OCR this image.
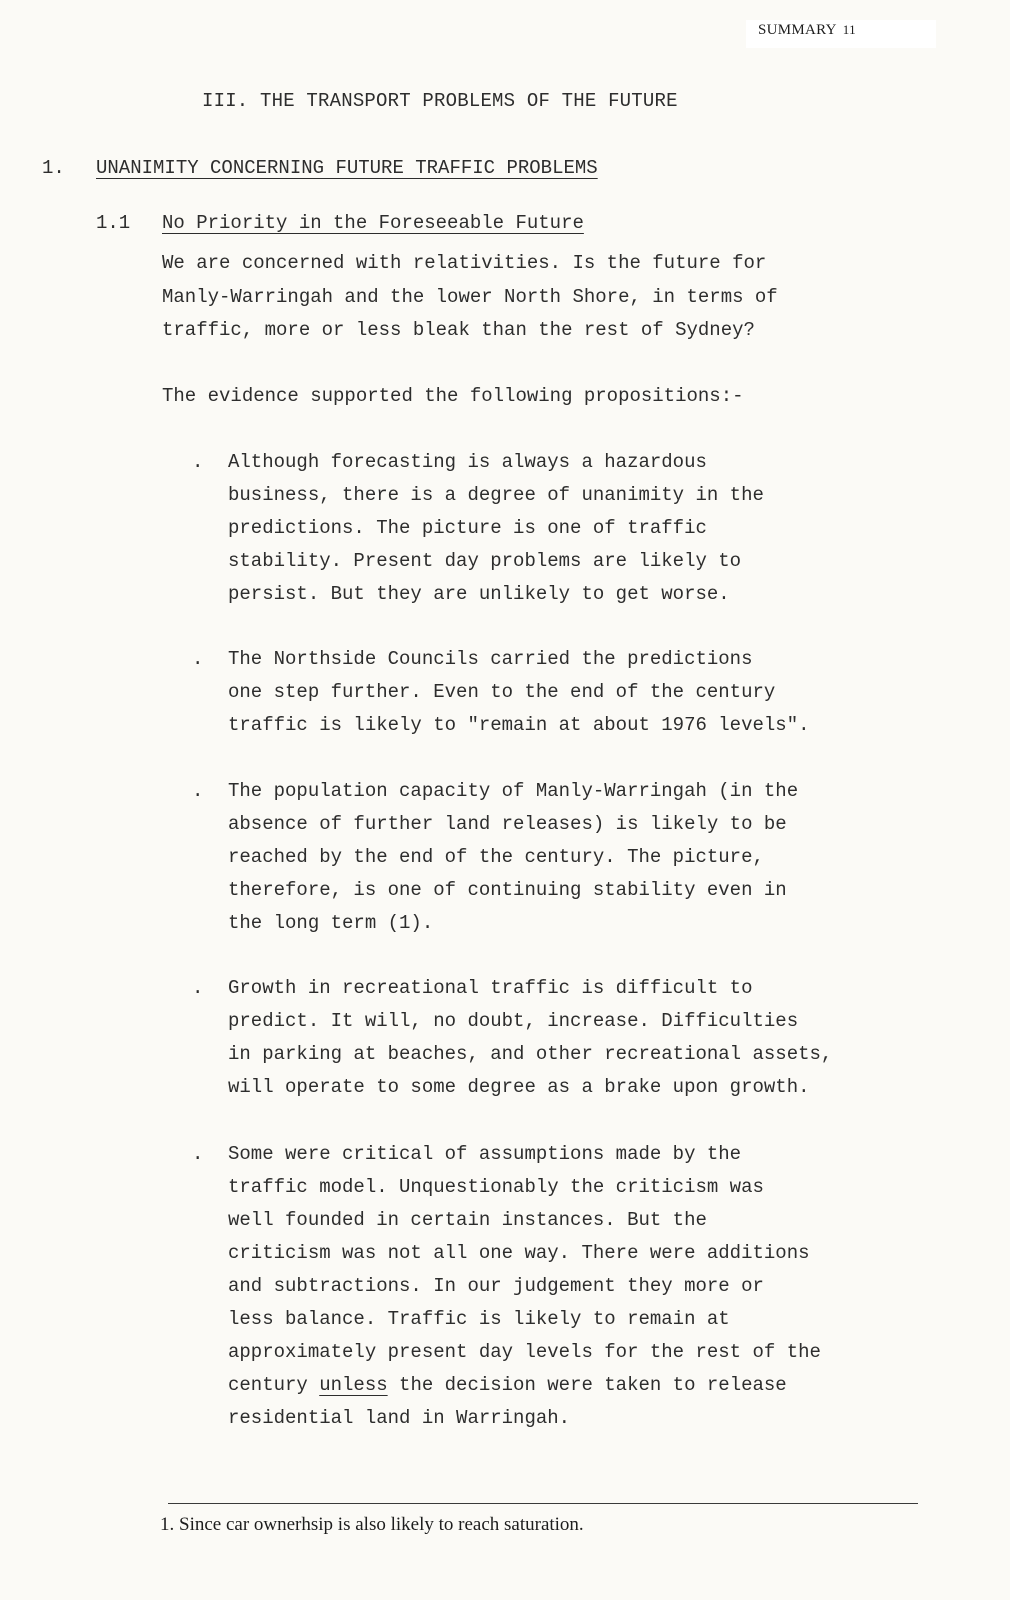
SUMMARY 11
III. THE TRANSPORT PROBLEMS OF THE FUTURE
1. UNANIMITY CONCERNING FUTURE TRAFFIC PROBLEMS
1.1 No Priority in the Foreseeable Future

We are concerned with relativities. Is the future for
Manly-Warringah and the lower North Shore, in terms of
traffic, more or less bleak than the rest of Sydney?

The evidence supported the following propositions:-

. Although forecasting is always a hazardous
business, there is a degree of unanimity in the
predictions. The picture is one of traffic
stability. Present day problems are likely to
persist. But they are unlikely to get worse.
. The Northside Councils carried the predictions
one step further. Even to the end of the century
traffic is likely to "remain at about 1976 levels".
. The population capacity of Manly-Warringah (in the
absence of further land releases) is likely to be
reached by the end of the century. The picture,
therefore, is one of continuing stability even in
the long term (1).
. Growth in recreational traffic is difficult to
predict. It will, no doubt, increase. Difficulties
in parking at beaches, and other recreational assets,
will operate to some degree as a brake upon growth.
. Some were critical of assumptions made by the
traffic model. Unquestionably the criticism was
well founded in certain instances. But the
criticism was not all one way. There were additions
and subtractions. In our judgement they more or
less balance. Traffic is likely to remain at
approximately present day levels for the rest of the
century unless the decision were taken to release
residential land in Warringah.
1. Since car ownerhsip is also likely to reach saturation.
